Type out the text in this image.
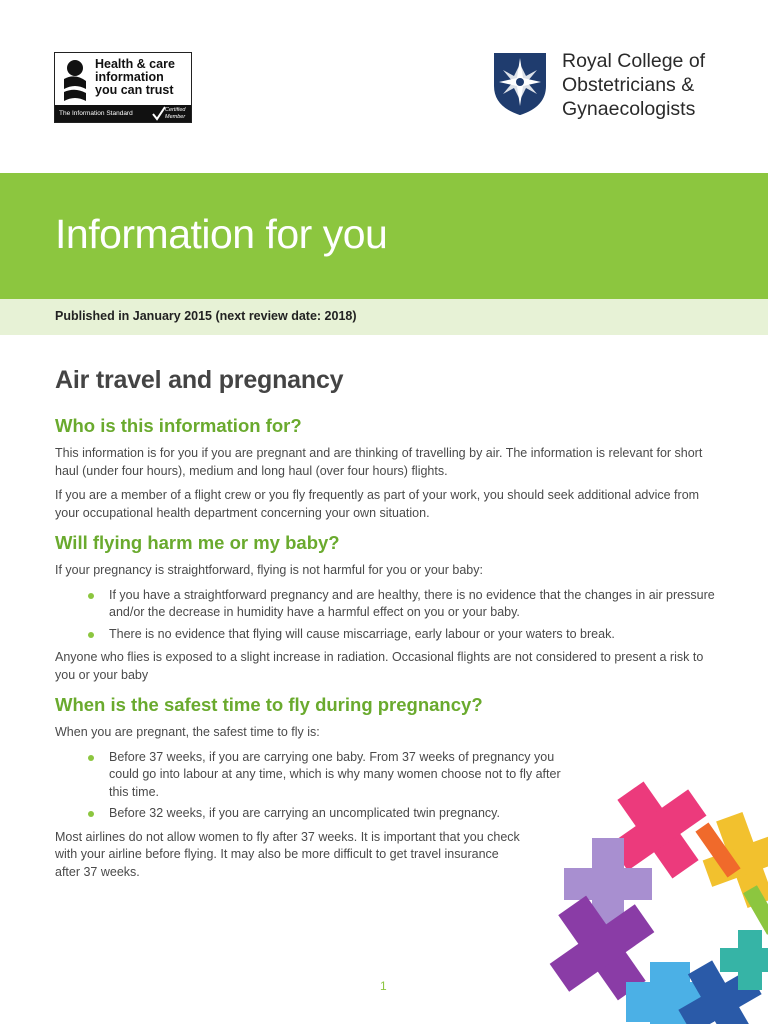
Health & care
information
you can trust
The Information Standard	Certified
Member
Royal College of
Obstetricians &
Gynaecologists
Information for you
Published in January 2015 (next review date: 2018)
Air travel and pregnancy
Who is this information for?

This information is for you if you are pregnant and are thinking of travelling by air. The information is relevant for short haul (under four hours), medium and long haul (over four hours) flights.

If you are a member of a flight crew or you fly frequently as part of your work, you should seek additional advice from your occupational health department concerning your own situation.

Will flying harm me or my baby?

If your pregnancy is straightforward, flying is not harmful for you or your baby:

If you have a straightforward pregnancy and are healthy, there is no evidence that the changes in air pressure and/or the decrease in humidity have a harmful effect on you or your baby.
There is no evidence that flying will cause miscarriage, early labour or your waters to break.

Anyone who flies is exposed to a slight increase in radiation. Occasional flights are not considered to present a risk to you or your baby

When is the safest time to fly during pregnancy?

When you are pregnant, the safest time to fly is:

Before 37 weeks, if you are carrying one baby. From 37 weeks of pregnancy you could go into labour at any time, which is why many women choose not to fly after this time.
Before 32 weeks, if you are carrying an uncomplicated twin pregnancy.

Most airlines do not allow women to fly after 37 weeks. It is important that you check with your airline before flying. It may also be more difficult to get travel insurance after 37 weeks.

1
